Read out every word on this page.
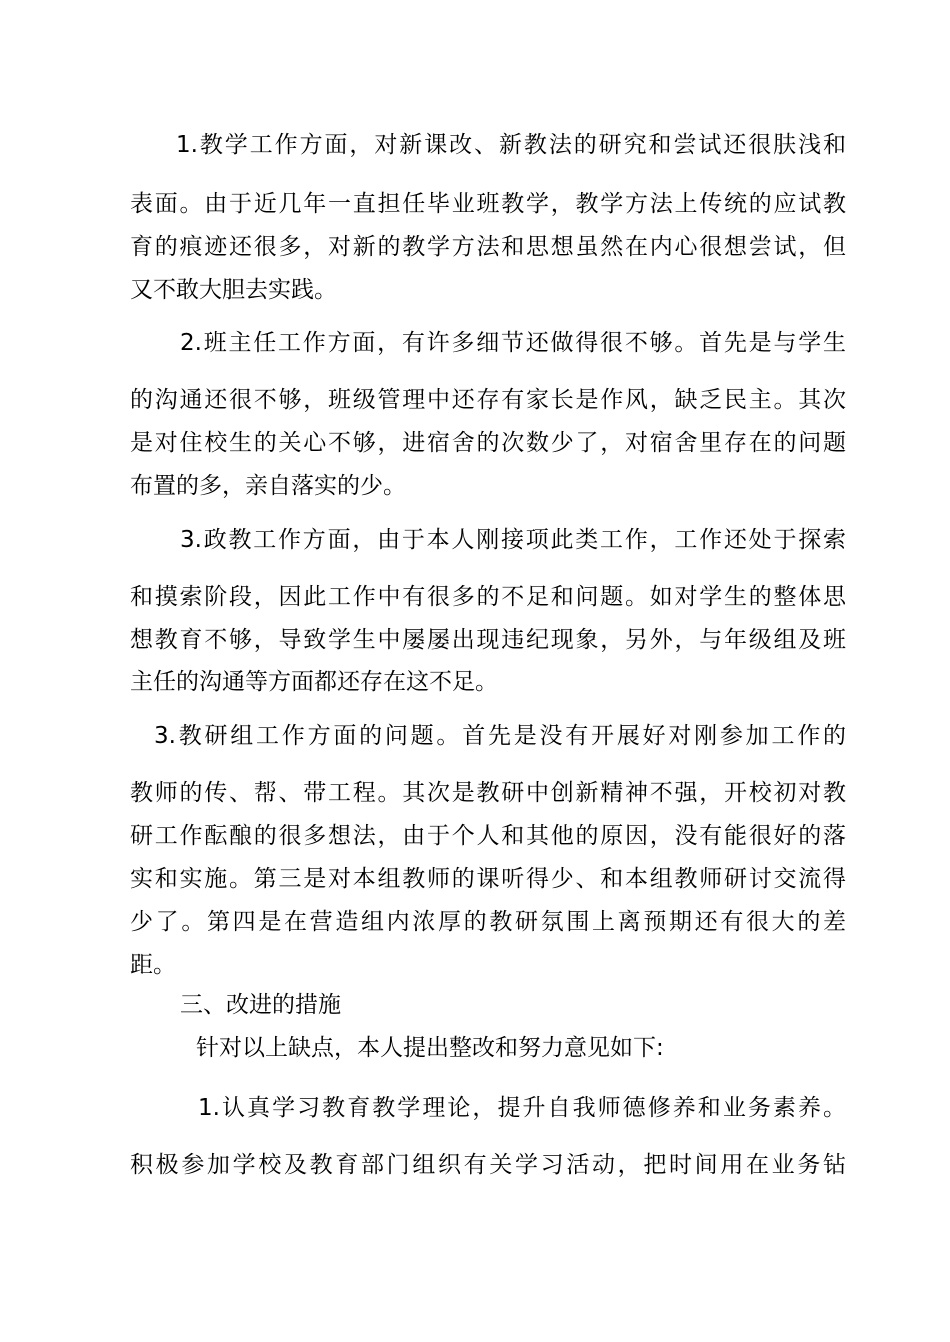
1.教学工作方面，对新课改、新教法的研究和尝试还很肤浅和
表面。由于近几年一直担任毕业班教学，教学方法上传统的应试教
育的痕迹还很多，对新的教学方法和思想虽然在内心很想尝试，但
又不敢大胆去实践。
2.班主任工作方面，有许多细节还做得很不够。首先是与学生
的沟通还很不够，班级管理中还存有家长是作风，缺乏民主。其次
是对住校生的关心不够，进宿舍的次数少了，对宿舍里存在的问题
布置的多，亲自落实的少。
3.政教工作方面，由于本人刚接项此类工作，工作还处于探索
和摸索阶段，因此工作中有很多的不足和问题。如对学生的整体思
想教育不够，导致学生中屡屡出现违纪现象，另外，与年级组及班
主任的沟通等方面都还存在这不足。
3.教研组工作方面的问题。首先是没有开展好对刚参加工作的
教师的传、帮、带工程。其次是教研中创新精神不强，开校初对教
研工作酝酿的很多想法，由于个人和其他的原因，没有能很好的落
实和实施。第三是对本组教师的课听得少、和本组教师研讨交流得
少了。第四是在营造组内浓厚的教研氛围上离预期还有很大的差
距。
三、改进的措施
针对以上缺点，本人提出整改和努力意见如下:
1.认真学习教育教学理论，提升自我师德修养和业务素养。
积极参加学校及教育部门组织有关学习活动，把时间用在业务钻
